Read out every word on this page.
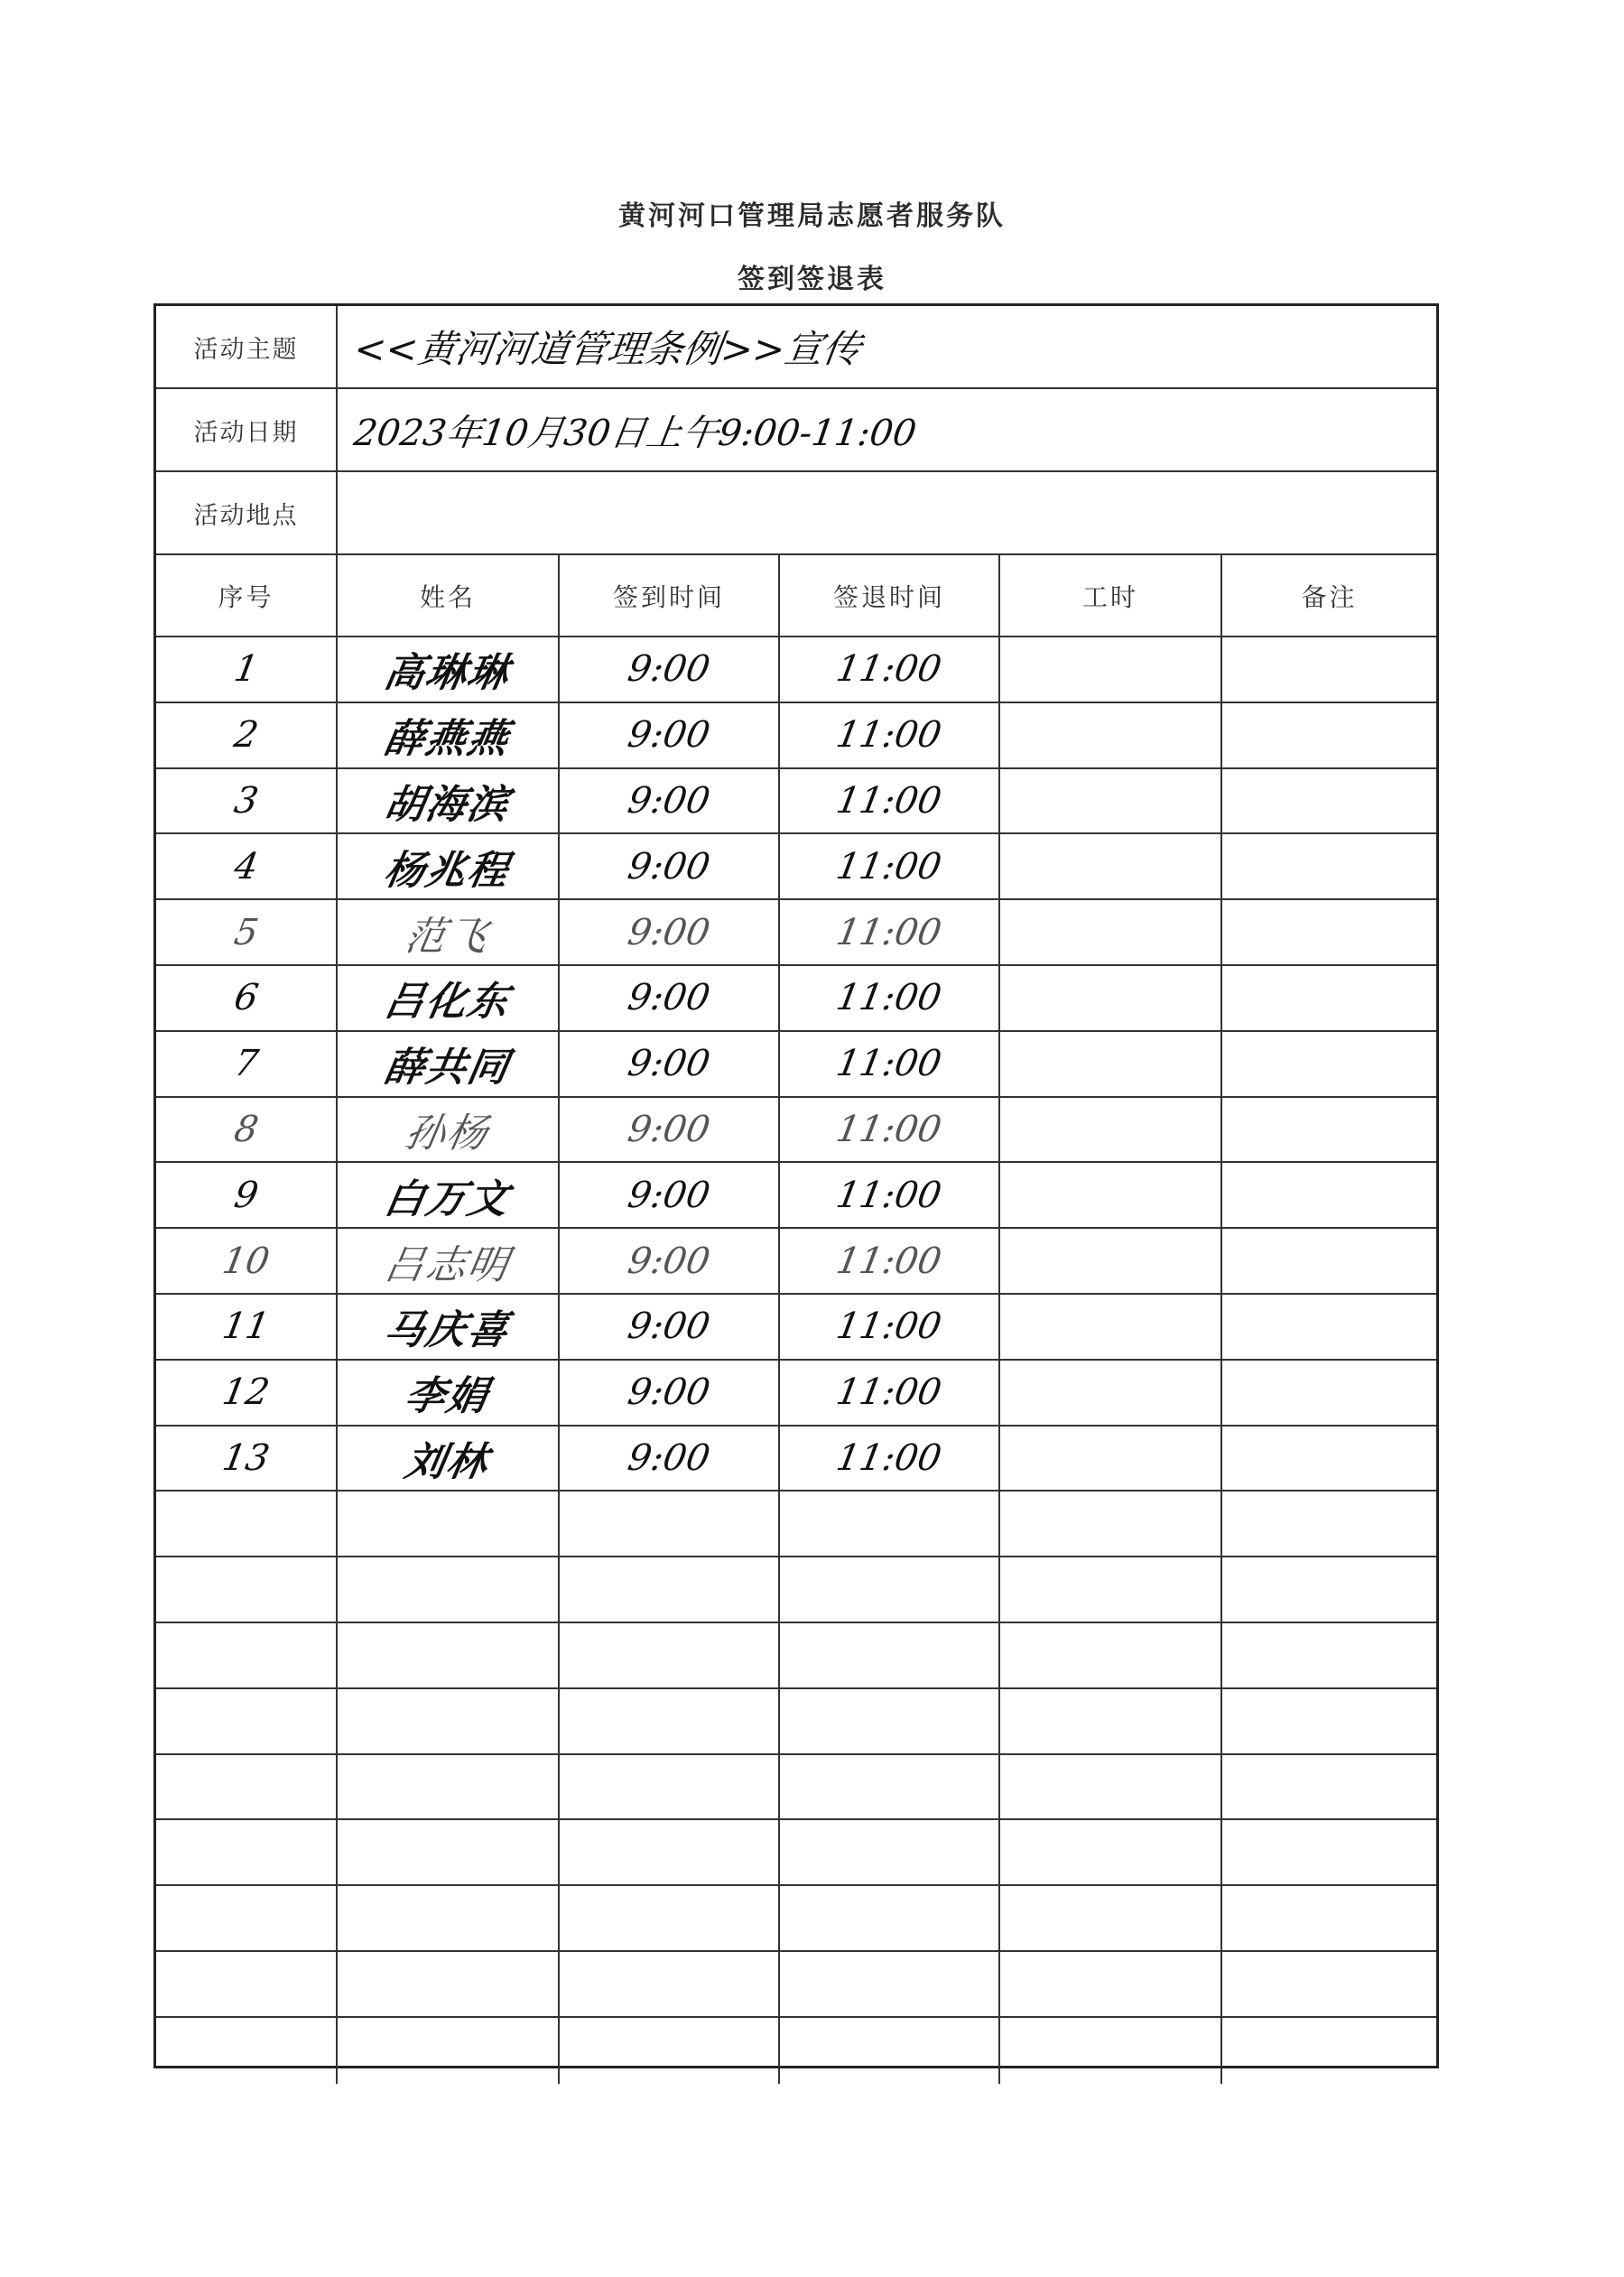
黄河河口管理局志愿者服务队
签到签退表
活动主题	<<黄河河道管理条例>>宣传
活动日期	2023年10月30日上午9:00-11:00
活动地点
序号	姓名	签到时间	签退时间	工时	备注
1	高琳琳	9:00	11:00
2	薛燕燕	9:00	11:00
3	胡海滨	9:00	11:00
4	杨兆程	9:00	11:00
5	范飞	9:00	11:00
6	吕化东	9:00	11:00
7	薛共同	9:00	11:00
8	孙杨	9:00	11:00
9	白万文	9:00	11:00
10	吕志明	9:00	11:00
11	马庆喜	9:00	11:00
12	李娟	9:00	11:00
13	刘林	9:00	11:00
